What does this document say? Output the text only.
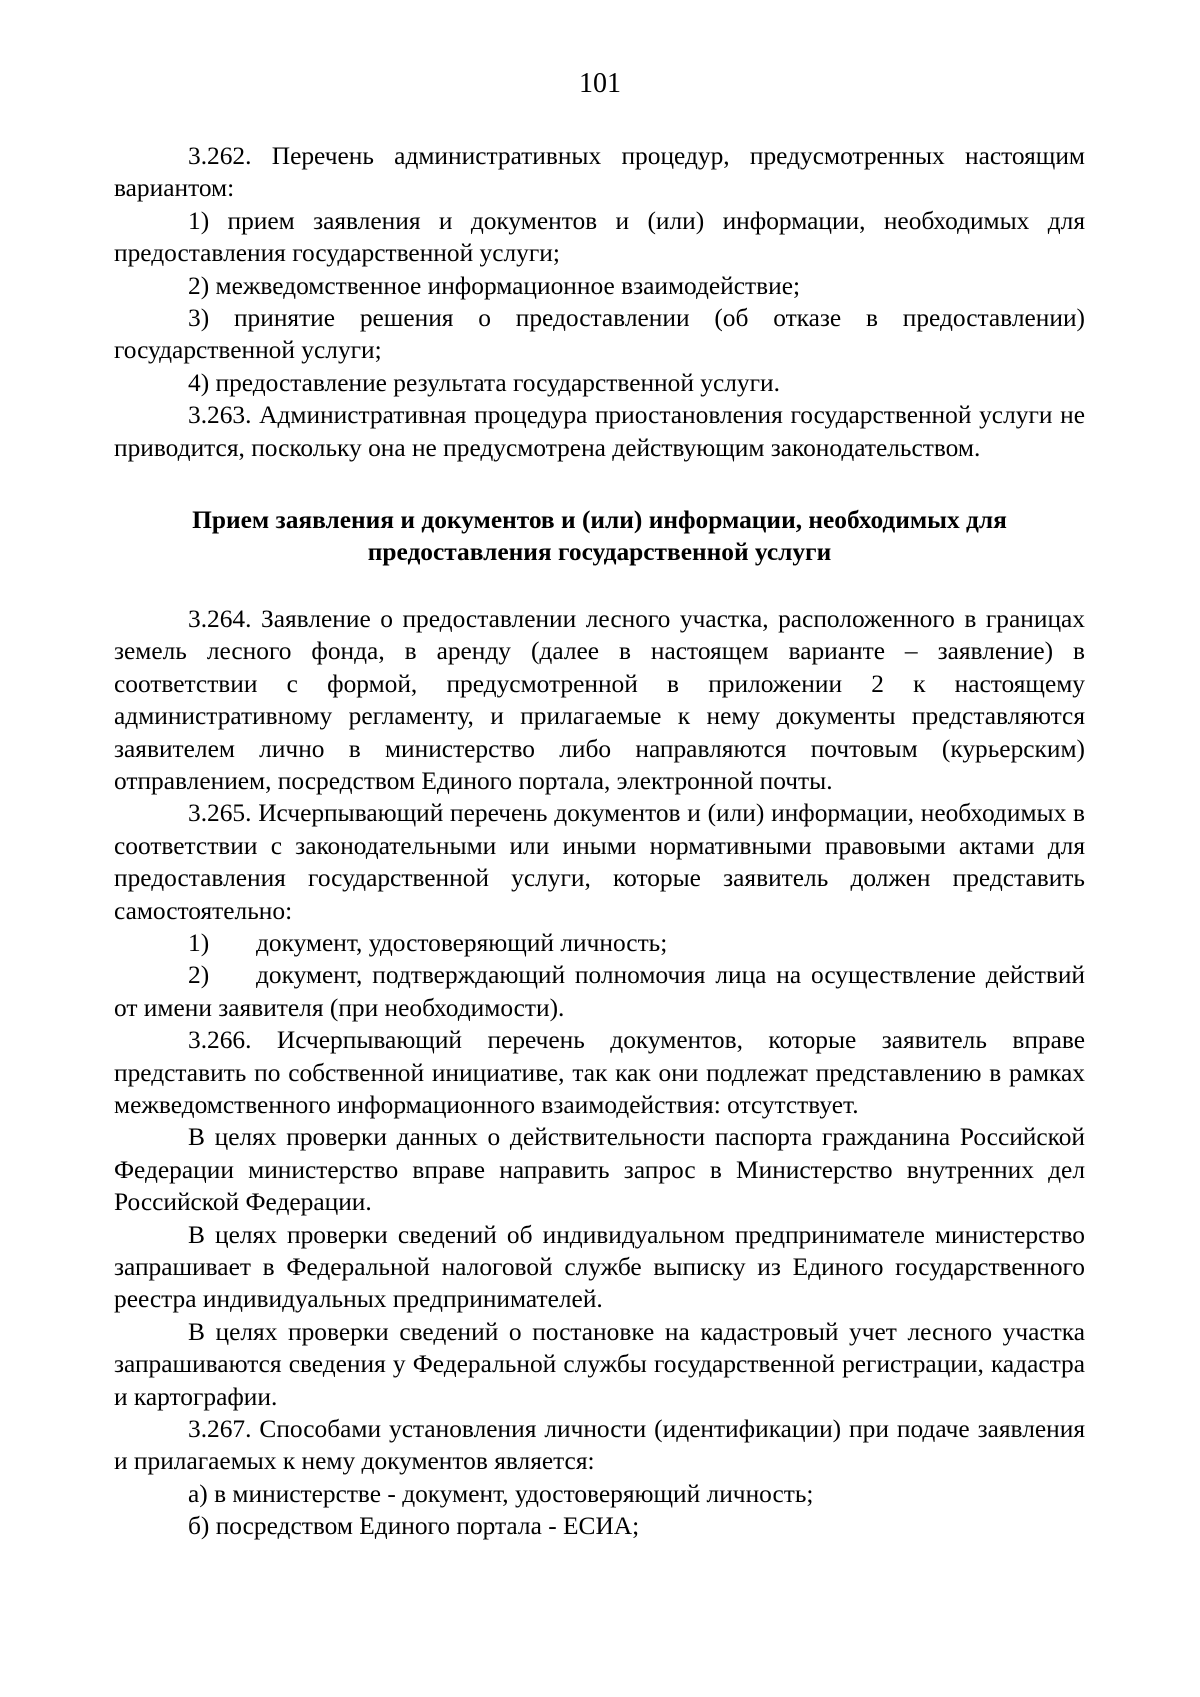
101

3.262. Перечень административных процедур, предусмотренных настоящим вариантом:

1) прием заявления и документов и (или) информации, необходимых для предоставления государственной услуги;

2) межведомственное информационное взаимодействие;

3) принятие решения о предоставлении (об отказе в предоставлении) государственной услуги;

4) предоставление результата государственной услуги.

3.263. Административная процедура приостановления государственной услуги не приводится, поскольку она не предусмотрена действующим законодательством.

Прием заявления и документов и (или) информации, необходимых для
предоставления государственной услуги

3.264. Заявление о предоставлении лесного участка, расположенного в границах земель лесного фонда, в аренду (далее в настоящем варианте – заявление) в соответствии с формой, предусмотренной в приложении 2 к настоящему административному регламенту, и прилагаемые к нему документы представляются заявителем лично в министерство либо направляются почтовым (курьерским) отправлением, посредством Единого портала, электронной почты.

3.265. Исчерпывающий перечень документов и (или) информации, необходимых в соответствии с законодательными или иными нормативными правовыми актами для предоставления государственной услуги, которые заявитель должен представить самостоятельно:

1) документ, удостоверяющий личность;

2) документ, подтверждающий полномочия лица на осуществление действий от имени заявителя (при необходимости).

3.266. Исчерпывающий перечень документов, которые заявитель вправе представить по собственной инициативе, так как они подлежат представлению в рамках межведомственного информационного взаимодействия: отсутствует.

В целях проверки данных о действительности паспорта гражданина Российской Федерации министерство вправе направить запрос в Министерство внутренних дел Российской Федерации.

В целях проверки сведений об индивидуальном предпринимателе министерство запрашивает в Федеральной налоговой службе выписку из Единого государственного реестра индивидуальных предпринимателей.

В целях проверки сведений о постановке на кадастровый учет лесного участка запрашиваются сведения у Федеральной службы государственной регистрации, кадастра и картографии.

3.267. Способами установления личности (идентификации) при подаче заявления и прилагаемых к нему документов является:

а) в министерстве - документ, удостоверяющий личность;

б) посредством Единого портала - ЕСИА;
